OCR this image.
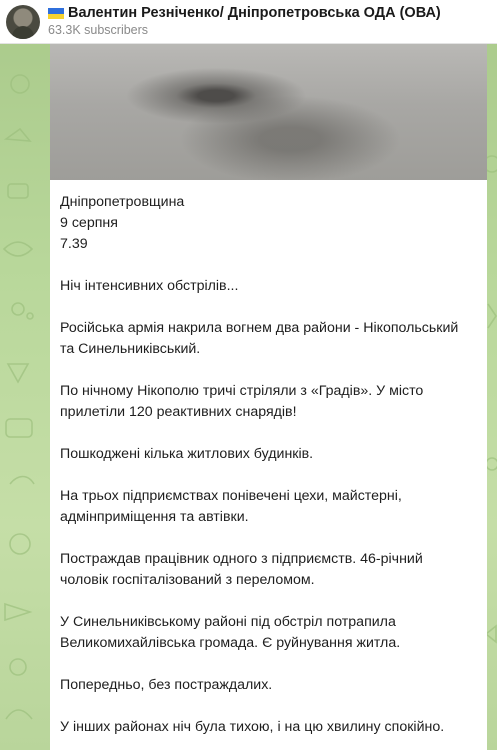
Валентин Резніченко/ Дніпропетровська ОДА (ОВА)
63.3K subscribers
Дніпропетровщина
9 серпня
7.39
Ніч інтенсивних обстрілів...
Російська армія накрила вогнем два райони - Нікопольський
та Синельниківський.
По нічному Нікополю тричі стріляли з «Градів». У місто
прилетіли 120 реактивних снарядів!
Пошкоджені кілька житлових будинків.
На трьох підприємствах понівечені цехи, майстерні,
адмінприміщення та автівки.
Постраждав працівник одного з підприємств. 46-річний
чоловік госпіталізований з переломом.
У Синельниківському районі під обстріл потрапила
Великомихайлівська громада. Є руйнування житла.
Попередньо, без постраждалих.
У інших районах ніч була тихою, і на цю хвилину спокійно.
